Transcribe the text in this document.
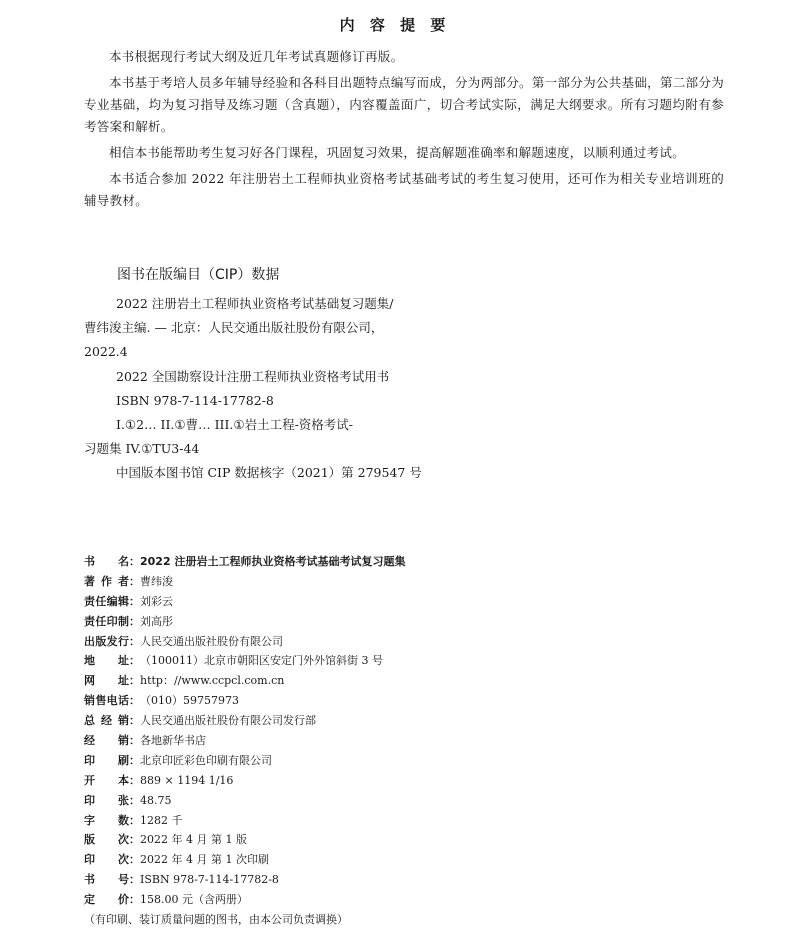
内 容 提 要

本书根据现行考试大纲及近几年考试真题修订再版。

本书基于考培人员多年辅导经验和各科目出题特点编写而成，分为两部分。第一部分为公共基础，第二部分为专业基础，均为复习指导及练习题（含真题），内容覆盖面广，切合考试实际，满足大纲要求。所有习题均附有参考答案和解析。

相信本书能帮助考生复习好各门课程，巩固复习效果，提高解题准确率和解题速度，以顺利通过考试。

本书适合参加 2022 年注册岩土工程师执业资格考试基础考试的考生复习使用，还可作为相关专业培训班的辅导教材。

图书在版编目（CIP）数据
2022 注册岩土工程师执业资格考试基础复习题集/
曹纬浚主编. — 北京：人民交通出版社股份有限公司，
2022.4
2022 全国勘察设计注册工程师执业资格考试用书
ISBN 978-7-114-17782-8
I.①2… II.①曹… III.①岩土工程-资格考试-
习题集 IV.①TU3-44
中国版本图书馆 CIP 数据核字（2021）第 279547 号
书 名： 2022 注册岩土工程师执业资格考试基础考试复习题集
著 作 者： 曹纬浚
责 任 编 辑： 刘彩云
责 任 印 制： 刘高彤
出 版 发 行： 人民交通出版社股份有限公司
地 址： （100011）北京市朝阳区安定门外外馆斜街 3 号
网 址： http：//www.ccpcl.com.cn
销 售 电 话： （010）59757973
总 经 销： 人民交通出版社股份有限公司发行部
经 销： 各地新华书店
印 刷： 北京印匠彩色印刷有限公司
开 本： 889 × 1194 1/16
印 张： 48.75
字 数： 1282 千
版 次： 2022 年 4 月 第 1 版
印 次： 2022 年 4 月 第 1 次印刷
书 号： ISBN 978-7-114-17782-8
定 价： 158.00 元（含两册）
（有印刷、装订质量问题的图书，由本公司负责调换）
